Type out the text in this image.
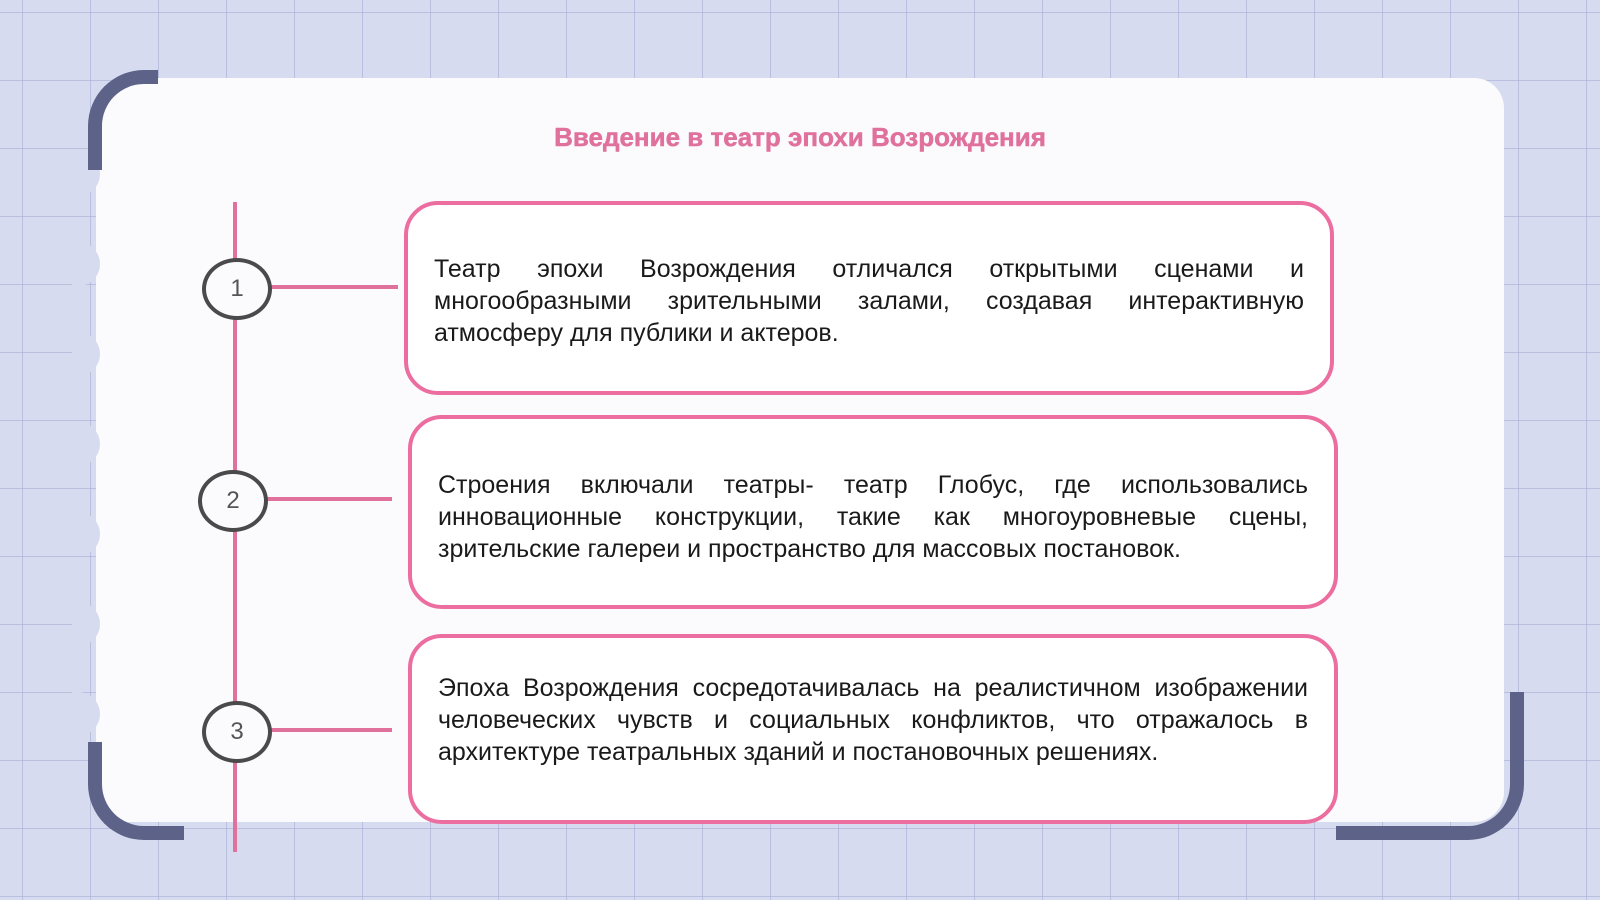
Введение в театр эпохи Возрождения
1

Театр эпохи Возрождения отличался открытыми сценами и многообразными зрительными залами, создавая интерактивную атмосферу для публики и актеров.

2

Строения включали театры- театр Глобус, где использовались инновационные конструкции, такие как многоуровневые сцены, зрительские галереи и пространство для массовых постановок.

3

Эпоха Возрождения сосредотачивалась на реалистичном изображении человеческих чувств и социальных конфликтов, что отражалось в архитектуре театральных зданий и постановочных решениях.
